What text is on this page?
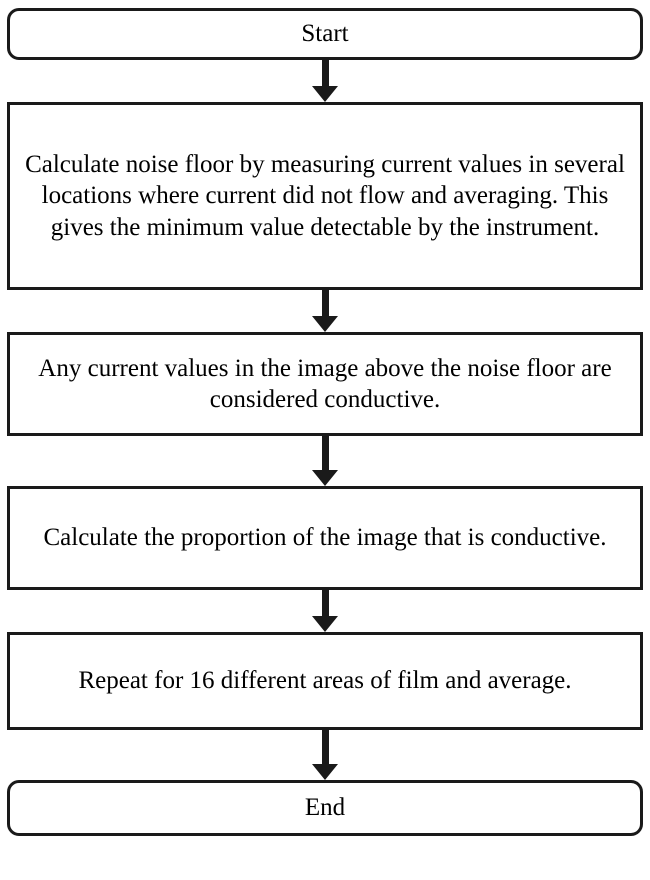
Start
Calculate noise floor by measuring current values in several locations where current did not flow and averaging. This gives the minimum value detectable by the instrument.
Any current values in the image above the noise floor are considered conductive.
Calculate the proportion of the image that is conductive.
Repeat for 16 different areas of film and average.
End
